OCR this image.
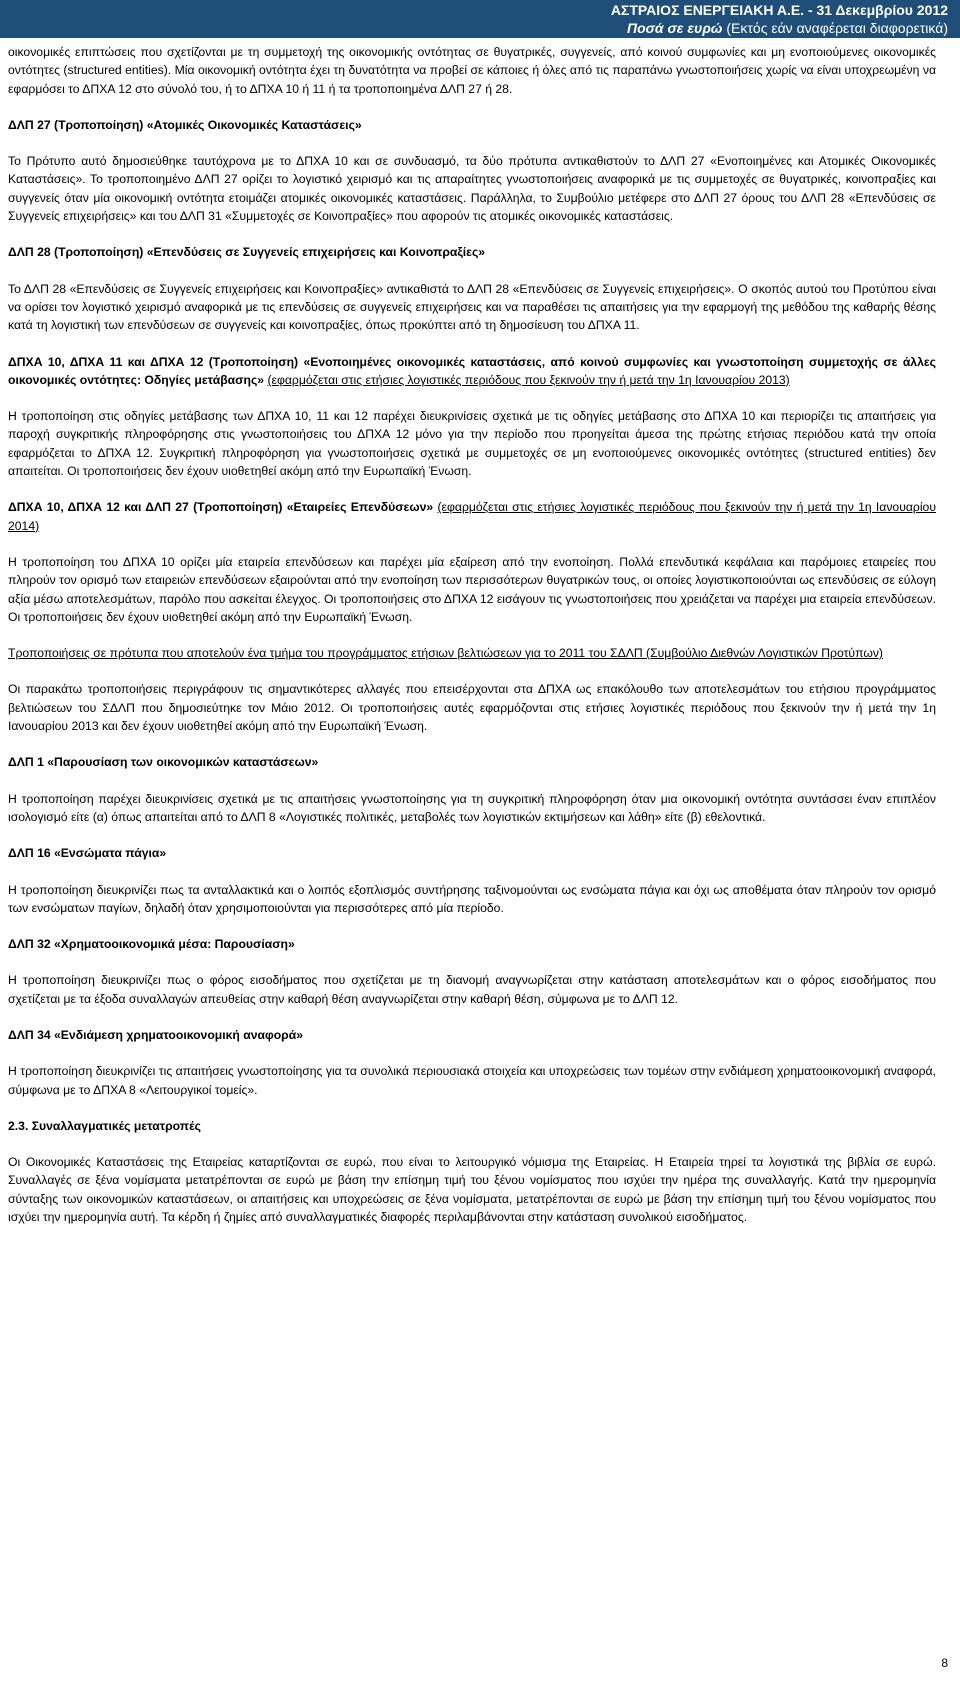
ΑΣΤΡΑΙΟΣ ΕΝΕΡΓΕΙΑΚΗ Α.Ε. - 31 Δεκεμβρίου 2012
Ποσά σε ευρώ (Εκτός εάν αναφέρεται διαφορετικά)

οικονομικές επιπτώσεις που σχετίζονται με τη συμμετοχή της οικονομικής οντότητας σε θυγατρικές, συγγενείς, από κοινού συμφωνίες και μη ενοποιούμενες οικονομικές οντότητες (structured entities). Μία οικονομική οντότητα έχει τη δυνατότητα να προβεί σε κάποιες ή όλες από τις παραπάνω γνωστοποιήσεις χωρίς να είναι υποχρεωμένη να εφαρμόσει το ΔΠΧΑ 12 στο σύνολό του, ή το ΔΠΧΑ 10 ή 11 ή τα τροποποιημένα ΔΛΠ 27 ή 28.

ΔΛΠ 27 (Τροποποίηση) «Ατομικές Οικονομικές Καταστάσεις»

Το Πρότυπο αυτό δημοσιεύθηκε ταυτόχρονα με το ΔΠΧΑ 10 και σε συνδυασμό, τα δύο πρότυπα αντικαθιστούν το ΔΛΠ 27 «Ενοποιημένες και Ατομικές Οικονομικές Καταστάσεις». Το τροποποιημένο ΔΛΠ 27 ορίζει το λογιστικό χειρισμό και τις απαραίτητες γνωστοποιήσεις αναφορικά με τις συμμετοχές σε θυγατρικές, κοινοπραξίες και συγγενείς όταν μία οικονομική οντότητα ετοιμάζει ατομικές οικονομικές καταστάσεις. Παράλληλα, το Συμβούλιο μετέφερε στο ΔΛΠ 27 όρους του ΔΛΠ 28 «Επενδύσεις σε Συγγενείς επιχειρήσεις» και του ΔΛΠ 31 «Συμμετοχές σε Κοινοπραξίες» που αφορούν τις ατομικές οικονομικές καταστάσεις.

ΔΛΠ 28 (Τροποποίηση) «Επενδύσεις σε Συγγενείς επιχειρήσεις και Κοινοπραξίες»

Το ΔΛΠ 28 «Επενδύσεις σε Συγγενείς επιχειρήσεις και Κοινοπραξίες» αντικαθιστά το ΔΛΠ 28 «Επενδύσεις σε Συγγενείς επιχειρήσεις». Ο σκοπός αυτού του Προτύπου είναι να ορίσει τον λογιστικό χειρισμό αναφορικά με τις επενδύσεις σε συγγενείς επιχειρήσεις και να παραθέσει τις απαιτήσεις για την εφαρμογή της μεθόδου της καθαρής θέσης κατά τη λογιστική των επενδύσεων σε συγγενείς και κοινοπραξίες, όπως προκύπτει από τη δημοσίευση του ΔΠΧΑ 11.

ΔΠΧΑ 10, ΔΠΧΑ 11 και ΔΠΧΑ 12 (Τροποποίηση) «Ενοποιημένες οικονομικές καταστάσεις, από κοινού συμφωνίες και γνωστοποίηση συμμετοχής σε άλλες οικονομικές οντότητες: Οδηγίες μετάβασης» (εφαρμόζεται στις ετήσιες λογιστικές περιόδους που ξεκινούν την ή μετά την 1η Ιανουαρίου 2013)

Η τροποποίηση στις οδηγίες μετάβασης των ΔΠΧΑ 10, 11 και 12 παρέχει διευκρινίσεις σχετικά με τις οδηγίες μετάβασης στο ΔΠΧΑ 10 και περιορίζει τις απαιτήσεις για παροχή συγκριτικής πληροφόρησης στις γνωστοποιήσεις του ΔΠΧΑ 12 μόνο για την περίοδο που προηγείται άμεσα της πρώτης ετήσιας περιόδου κατά την οποία εφαρμόζεται το ΔΠΧΑ 12. Συγκριτική πληροφόρηση για γνωστοποιήσεις σχετικά με συμμετοχές σε μη ενοποιούμενες οικονομικές οντότητες (structured entities) δεν απαιτείται. Οι τροποποιήσεις δεν έχουν υιοθετηθεί ακόμη από την Ευρωπαϊκή Ένωση.

ΔΠΧΑ 10, ΔΠΧΑ 12 και ΔΛΠ 27 (Τροποποίηση) «Εταιρείες Επενδύσεων» (εφαρμόζεται στις ετήσιες λογιστικές περιόδους που ξεκινούν την ή μετά την 1η Ιανουαρίου 2014)

Η τροποποίηση του ΔΠΧΑ 10 ορίζει μία εταιρεία επενδύσεων και παρέχει μία εξαίρεση από την ενοποίηση. Πολλά επενδυτικά κεφάλαια και παρόμοιες εταιρείες που πληρούν τον ορισμό των εταιρειών επενδύσεων εξαιρούνται από την ενοποίηση των περισσότερων θυγατρικών τους, οι οποίες λογιστικοποιούνται ως επενδύσεις σε εύλογη αξία μέσω αποτελεσμάτων, παρόλο που ασκείται έλεγχος. Οι τροποποιήσεις στο ΔΠΧΑ 12 εισάγουν τις γνωστοποιήσεις που χρειάζεται να παρέχει μια εταιρεία επενδύσεων. Οι τροποποιήσεις δεν έχουν υιοθετηθεί ακόμη από την Ευρωπαϊκή Ένωση.

Τροποποιήσεις σε πρότυπα που αποτελούν ένα τμήμα του προγράμματος ετήσιων βελτιώσεων για το 2011 του ΣΔΛΠ (Συμβούλιο Διεθνών Λογιστικών Προτύπων)

Οι παρακάτω τροποποιήσεις περιγράφουν τις σημαντικότερες αλλαγές που επεισέρχονται στα ΔΠΧΑ ως επακόλουθο των αποτελεσμάτων του ετήσιου προγράμματος βελτιώσεων του ΣΔΛΠ που δημοσιεύτηκε τον Μάιο 2012. Οι τροποποιήσεις αυτές εφαρμόζονται στις ετήσιες λογιστικές περιόδους που ξεκινούν την ή μετά την 1η Ιανουαρίου 2013 και δεν έχουν υιοθετηθεί ακόμη από την Ευρωπαϊκή Ένωση.

ΔΛΠ 1 «Παρουσίαση των οικονομικών καταστάσεων»

Η τροποποίηση παρέχει διευκρινίσεις σχετικά με τις απαιτήσεις γνωστοποίησης για τη συγκριτική πληροφόρηση όταν μια οικονομική οντότητα συντάσσει έναν επιπλέον ισολογισμό είτε (α) όπως απαιτείται από το ΔΛΠ 8 «Λογιστικές πολιτικές, μεταβολές των λογιστικών εκτιμήσεων και λάθη» είτε (β) εθελοντικά.

ΔΛΠ 16 «Ενσώματα πάγια»

Η τροποποίηση διευκρινίζει πως τα ανταλλακτικά και ο λοιπός εξοπλισμός συντήρησης ταξινομούνται ως ενσώματα πάγια και όχι ως αποθέματα όταν πληρούν τον ορισμό των ενσώματων παγίων, δηλαδή όταν χρησιμοποιούνται για περισσότερες από μία περίοδο.

ΔΛΠ 32 «Χρηματοοικονομικά μέσα: Παρουσίαση»

Η τροποποίηση διευκρινίζει πως ο φόρος εισοδήματος που σχετίζεται με τη διανομή αναγνωρίζεται στην κατάσταση αποτελεσμάτων και ο φόρος εισοδήματος που σχετίζεται με τα έξοδα συναλλαγών απευθείας στην καθαρή θέση αναγνωρίζεται στην καθαρή θέση, σύμφωνα με το ΔΛΠ 12.

ΔΛΠ 34 «Ενδιάμεση χρηματοοικονομική αναφορά»

Η τροποποίηση διευκρινίζει τις απαιτήσεις γνωστοποίησης για τα συνολικά περιουσιακά στοιχεία και υποχρεώσεις των τομέων στην ενδιάμεση χρηματοοικονομική αναφορά, σύμφωνα με το ΔΠΧΑ 8 «Λειτουργικοί τομείς».

2.3. Συναλλαγματικές μετατροπές

Οι Οικονομικές Καταστάσεις της Εταιρείας καταρτίζονται σε ευρώ, που είναι το λειτουργικό νόμισμα της Εταιρείας. Η Εταιρεία τηρεί τα λογιστικά της βιβλία σε ευρώ. Συναλλαγές σε ξένα νομίσματα μετατρέπονται σε ευρώ με βάση την επίσημη τιμή του ξένου νομίσματος που ισχύει την ημέρα της συναλλαγής. Κατά την ημερομηνία σύνταξης των οικονομικών καταστάσεων, οι απαιτήσεις και υποχρεώσεις σε ξένα νομίσματα, μετατρέπονται σε ευρώ με βάση την επίσημη τιμή του ξένου νομίσματος που ισχύει την ημερομηνία αυτή. Τα κέρδη ή ζημίες από συναλλαγματικές διαφορές περιλαμβάνονται στην κατάσταση συνολικού εισοδήματος.

8
